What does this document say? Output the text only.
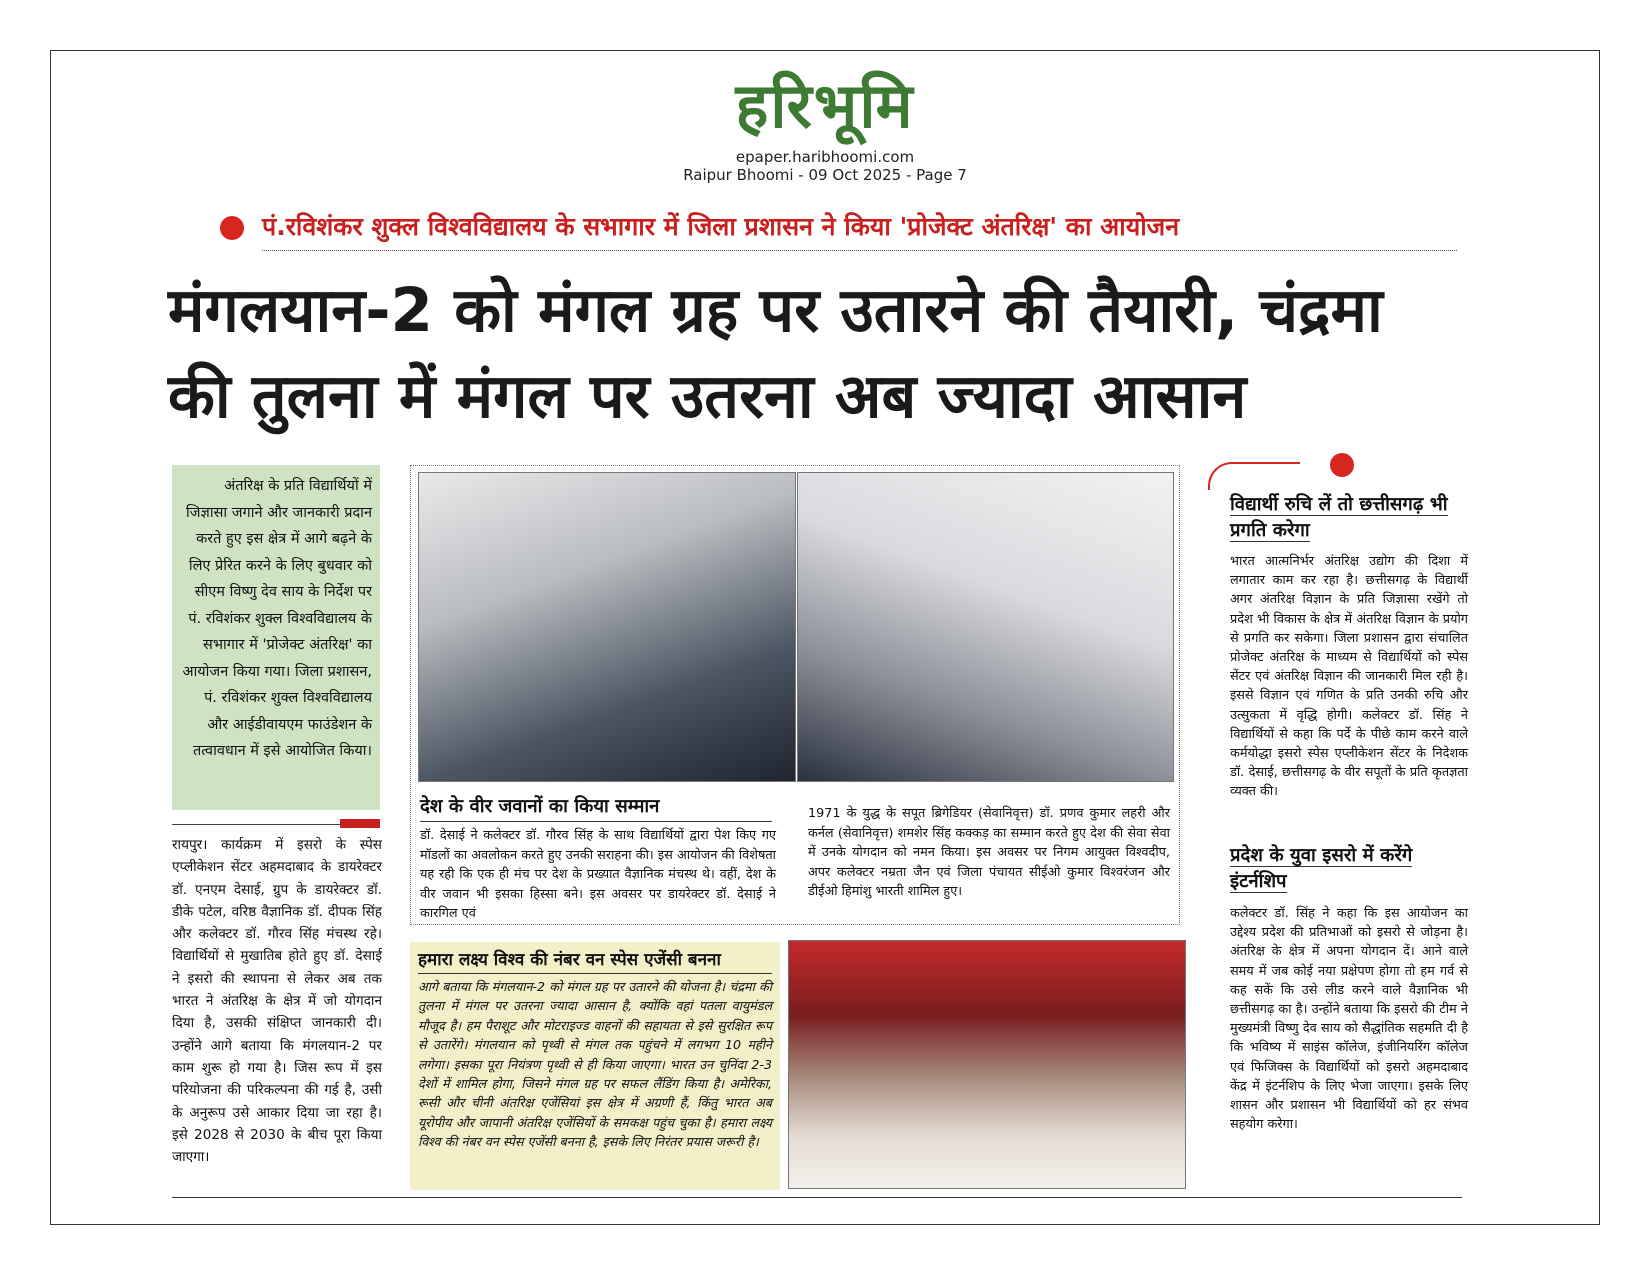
हरिभूमि
epaper.haribhoomi.com
Raipur Bhoomi - 09 Oct 2025 - Page 7
पं.रविशंकर शुक्ल विश्वविद्यालय के सभागार में जिला प्रशासन ने किया 'प्रोजेक्ट अंतरिक्ष' का आयोजन
मंगलयान-2 को मंगल ग्रह पर उतारने की तैयारी, चंद्रमा
की तुलना में मंगल पर उतरना अब ज्यादा आसान
अंतरिक्ष के प्रति विद्यार्थियों में जिज्ञासा जगाने और जानकारी प्रदान करते हुए इस क्षेत्र में आगे बढ़ने के लिए प्रेरित करने के लिए बुधवार को सीएम विष्णु देव साय के निर्देश पर पं. रविशंकर शुक्ल विश्वविद्यालय के सभागार में 'प्रोजेक्ट अंतरिक्ष' का आयोजन किया गया। जिला प्रशासन, पं. रविशंकर शुक्ल विश्वविद्यालय और आईडीवायएम फाउंडेशन के तत्वावधान में इसे आयोजित किया।
रायपुर। कार्यक्रम में इसरो के स्पेस एप्लीकेशन सेंटर अहमदाबाद के डायरेक्टर डॉ. एनएम देसाई, ग्रुप के डायरेक्टर डॉ. डीके पटेल, वरिष्ठ वैज्ञानिक डॉ. दीपक सिंह और कलेक्टर डॉ. गौरव सिंह मंचस्थ रहे। विद्यार्थियों से मुखातिब होते हुए डॉ. देसाई ने इसरो की स्थापना से लेकर अब तक भारत ने अंतरिक्ष के क्षेत्र में जो योगदान दिया है, उसकी संक्षिप्त जानकारी दी। उन्होंने आगे बताया कि मंगलयान-2 पर काम शुरू हो गया है। जिस रूप में इस परियोजना की परिकल्पना की गई है, उसी के अनुरूप उसे आकार दिया जा रहा है। इसे 2028 से 2030 के बीच पूरा किया जाएगा।
देश के वीर जवानों का किया सम्मान
डॉ. देसाई ने कलेक्टर डॉ. गौरव सिंह के साथ विद्यार्थियों द्वारा पेश किए गए मॉडलों का अवलोकन करते हुए उनकी सराहना की। इस आयोजन की विशेषता यह रही कि एक ही मंच पर देश के प्रख्यात वैज्ञानिक मंचस्थ थे। वहीं, देश के वीर जवान भी इसका हिस्सा बने। इस अवसर पर डायरेक्टर डॉ. देसाई ने कारगिल एवं
1971 के युद्ध के सपूत ब्रिगेडियर (सेवानिवृत्त) डॉ. प्रणव कुमार लहरी और कर्नल (सेवानिवृत्त) शमशेर सिंह कक्कड़ का सम्मान करते हुए देश की सेवा सेवा में उनके योगदान को नमन किया। इस अवसर पर निगम आयुक्त विश्वदीप, अपर कलेक्टर नम्रता जैन एवं जिला पंचायत सीईओ कुमार विश्वरंजन और डीईओ हिमांशु भारती शामिल हुए।
हमारा लक्ष्य विश्व की नंबर वन स्पेस एजेंसी बनना
आगे बताया कि मंगलयान-2 को मंगल ग्रह पर उतारने की योजना है। चंद्रमा की तुलना में मंगल पर उतरना ज्यादा आसान है, क्योंकि वहां पतला वायुमंडल मौजूद है। हम पैराशूट और मोटराइज्ड वाहनों की सहायता से इसे सुरक्षित रूप से उतारेंगे। मंगलयान को पृथ्वी से मंगल तक पहुंचने में लगभग 10 महीने लगेगा। इसका पूरा नियंत्रण पृथ्वी से ही किया जाएगा। भारत उन चुनिंदा 2-3 देशों में शामिल होगा, जिसने मंगल ग्रह पर सफल लैंडिंग किया है। अमेरिका, रूसी और चीनी अंतरिक्ष एजेंसियां इस क्षेत्र में अग्रणी हैं, किंतु भारत अब यूरोपीय और जापानी अंतरिक्ष एजेंसियों के समकक्ष पहुंच चुका है। हमारा लक्ष्य विश्व की नंबर वन स्पेस एजेंसी बनना है, इसके लिए निरंतर प्रयास जरूरी है।
विद्यार्थी रुचि लें तो छत्तीसगढ़ भी प्रगति करेगा
भारत आत्मनिर्भर अंतरिक्ष उद्योग की दिशा में लगातार काम कर रहा है। छत्तीसगढ़ के विद्यार्थी अगर अंतरिक्ष विज्ञान के प्रति जिज्ञासा रखेंगे तो प्रदेश भी विकास के क्षेत्र में अंतरिक्ष विज्ञान के प्रयोग से प्रगति कर सकेगा। जिला प्रशासन द्वारा संचालित प्रोजेक्ट अंतरिक्ष के माध्यम से विद्यार्थियों को स्पेस सेंटर एवं अंतरिक्ष विज्ञान की जानकारी मिल रही है। इससे विज्ञान एवं गणित के प्रति उनकी रुचि और उत्सुकता में वृद्धि होगी। कलेक्टर डॉ. सिंह ने विद्यार्थियों से कहा कि पर्दे के पीछे काम करने वाले कर्मयोद्धा इसरो स्पेस एप्लीकेशन सेंटर के निदेशक डॉ. देसाई, छत्तीसगढ़ के वीर सपूतों के प्रति कृतज्ञता व्यक्त की।
प्रदेश के युवा इसरो में करेंगे इंटर्नशिप
कलेक्टर डॉ. सिंह ने कहा कि इस आयोजन का उद्देश्य प्रदेश की प्रतिभाओं को इसरो से जोड़ना है। अंतरिक्ष के क्षेत्र में अपना योगदान दें। आने वाले समय में जब कोई नया प्रक्षेपण होगा तो हम गर्व से कह सकें कि उसे लीड करने वाले वैज्ञानिक भी छत्तीसगढ़ का है। उन्होंने बताया कि इसरो की टीम ने मुख्यमंत्री विष्णु देव साय को सैद्धांतिक सहमति दी है कि भविष्य में साइंस कॉलेज, इंजीनियरिंग कॉलेज एवं फिजिक्स के विद्यार्थियों को इसरो अहमदाबाद केंद्र में इंटर्नशिप के लिए भेजा जाएगा। इसके लिए शासन और प्रशासन भी विद्यार्थियों को हर संभव सहयोग करेगा।
